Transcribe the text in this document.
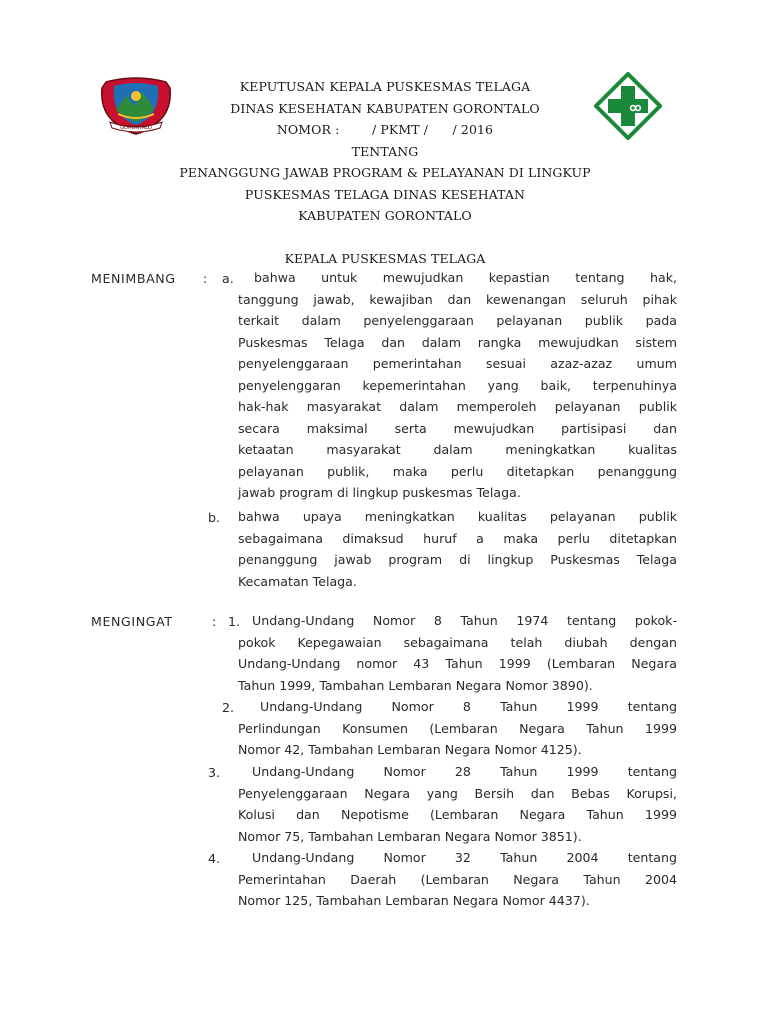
GORONTALO
KEPUTUSAN KEPALA PUSKESMAS TELAGA
DINAS KESEHATAN KABUPATEN GORONTALO
NOMOR :        / PKMT /      / 2016
TENTANG
PENANGGUNG JAWAB PROGRAM & PELAYANAN DI LINGKUP
PUSKESMAS TELAGA DINAS KESEHATAN
KABUPATEN GORONTALO
KEPALA PUSKESMAS TELAGA
MENIMBANG : a. bahwa untuk mewujudkan kepastian tentang hak,
tanggung jawab, kewajiban dan kewenangan seluruh pihak
terkait dalam penyelenggaraan pelayanan publik pada
Puskesmas Telaga dan dalam rangka mewujudkan sistem
penyelenggaraan pemerintahan sesuai azaz-azaz umum
penyelenggaran kepemerintahan yang baik, terpenuhinya
hak-hak masyarakat dalam memperoleh pelayanan publik
secara maksimal serta mewujudkan partisipasi dan
ketaatan masyarakat dalam meningkatkan kualitas
pelayanan publik, maka perlu ditetapkan penanggung
jawab program di lingkup puskesmas Telaga.
b. bahwa upaya meningkatkan kualitas pelayanan publik
sebagaimana dimaksud huruf a maka perlu ditetapkan
penanggung jawab program di lingkup Puskesmas Telaga
Kecamatan Telaga.
MENGINGAT	: 1. Undang-Undang Nomor 8 Tahun 1974 tentang pokok-
pokok Kepegawaian sebagaimana telah diubah dengan
Undang-Undang nomor 43 Tahun 1999 (Lembaran Negara
Tahun 1999, Tambahan Lembaran Negara Nomor 3890).
2. Undang-Undang Nomor 8 Tahun 1999 tentang
Perlindungan Konsumen (Lembaran Negara Tahun 1999
Nomor 42, Tambahan Lembaran Negara Nomor 4125).
3.	Undang-Undang Nomor 28 Tahun 1999 tentang
Penyelenggaraan Negara yang Bersih dan Bebas Korupsi,
Kolusi dan Nepotisme (Lembaran Negara Tahun 1999
Nomor 75, Tambahan Lembaran Negara Nomor 3851).
4.	Undang-Undang Nomor 32 Tahun 2004 tentang
Pemerintahan Daerah (Lembaran Negara Tahun 2004
Nomor 125, Tambahan Lembaran Negara Nomor 4437).
